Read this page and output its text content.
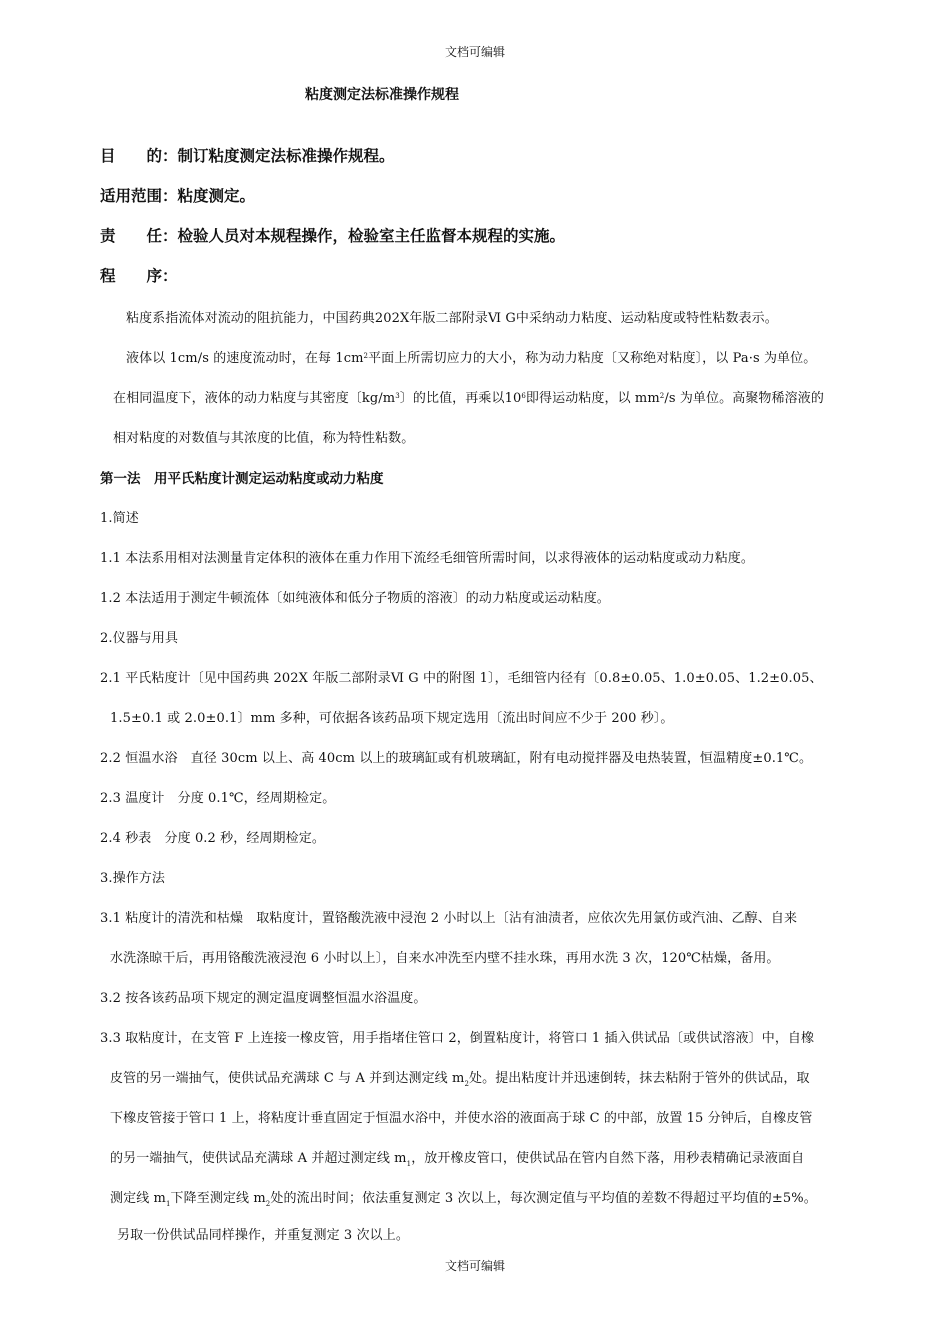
文档可编辑
粘度测定法标准操作规程
目　　的：制订粘度测定法标准操作规程。
适用范围：粘度测定。
责　　任：检验人员对本规程操作，检验室主任监督本规程的实施。
程　　序：
粘度系指流体对流动的阻抗能力，中国药典202X年版二部附录Ⅵ G中采纳动力粘度、运动粘度或特性粘数表示。
液体以 1cm/s 的速度流动时，在每 $1cm^2$平面上所需切应力的大小，称为动力粘度〔又称绝对粘度〕，以 Pa·s 为单位。
在相同温度下，液体的动力粘度与其密度〔$kg/m^3$〕的比值，再乘以$10^6$即得运动粘度，以 $mm^2/s$ 为单位。高聚物稀溶液的
相对粘度的对数值与其浓度的比值，称为特性粘数。
第一法　用平氏粘度计测定运动粘度或动力粘度
1.简述
1.1 本法系用相对法测量肯定体积的液体在重力作用下流经毛细管所需时间，以求得液体的运动粘度或动力粘度。
1.2 本法适用于测定牛顿流体〔如纯液体和低分子物质的溶液〕的动力粘度或运动粘度。
2.仪器与用具
2.1 平氏粘度计〔见中国药典 202X 年版二部附录Ⅵ G 中的附图 1〕，毛细管内径有〔0.8±0.05、1.0±0.05、1.2±0.05、
1.5±0.1 或 2.0±0.1〕mm 多种，可依据各该药品项下规定选用〔流出时间应不少于 200 秒〕。
2.2 恒温水浴　直径 30cm 以上、高 40cm 以上的玻璃缸或有机玻璃缸，附有电动搅拌器及电热装置，恒温精度±0.1℃。
2.3 温度计　分度 0.1℃，经周期检定。
2.4 秒表　分度 0.2 秒，经周期检定。
3.操作方法
3.1 粘度计的清洗和枯燥　取粘度计，置铬酸洗液中浸泡 2 小时以上〔沾有油渍者，应依次先用氯仿或汽油、乙醇、自来
水洗涤晾干后，再用铬酸洗液浸泡 6 小时以上〕，自来水冲洗至内壁不挂水珠，再用水洗 3 次，120℃枯燥，备用。
3.2 按各该药品项下规定的测定温度调整恒温水浴温度。
3.3 取粘度计，在支管 F 上连接一橡皮管，用手指堵住管口 2，倒置粘度计，将管口 1 插入供试品〔或供试溶液〕中，自橡
皮管的另一端抽气，使供试品充满球 C 与 A 并到达测定线 $m_2$处。提出粘度计并迅速倒转，抹去粘附于管外的供试品，取
下橡皮管接于管口 1 上，将粘度计垂直固定于恒温水浴中，并使水浴的液面高于球 C 的中部，放置 15 分钟后，自橡皮管
的另一端抽气，使供试品充满球 A 并超过测定线 $m_1$，放开橡皮管口，使供试品在管内自然下落，用秒表精确记录液面自
测定线 $m_1$下降至测定线 $m_2$处的流出时间；依法重复测定 3 次以上，每次测定值与平均值的差数不得超过平均值的±5%。
另取一份供试品同样操作，并重复测定 3 次以上。
文档可编辑
